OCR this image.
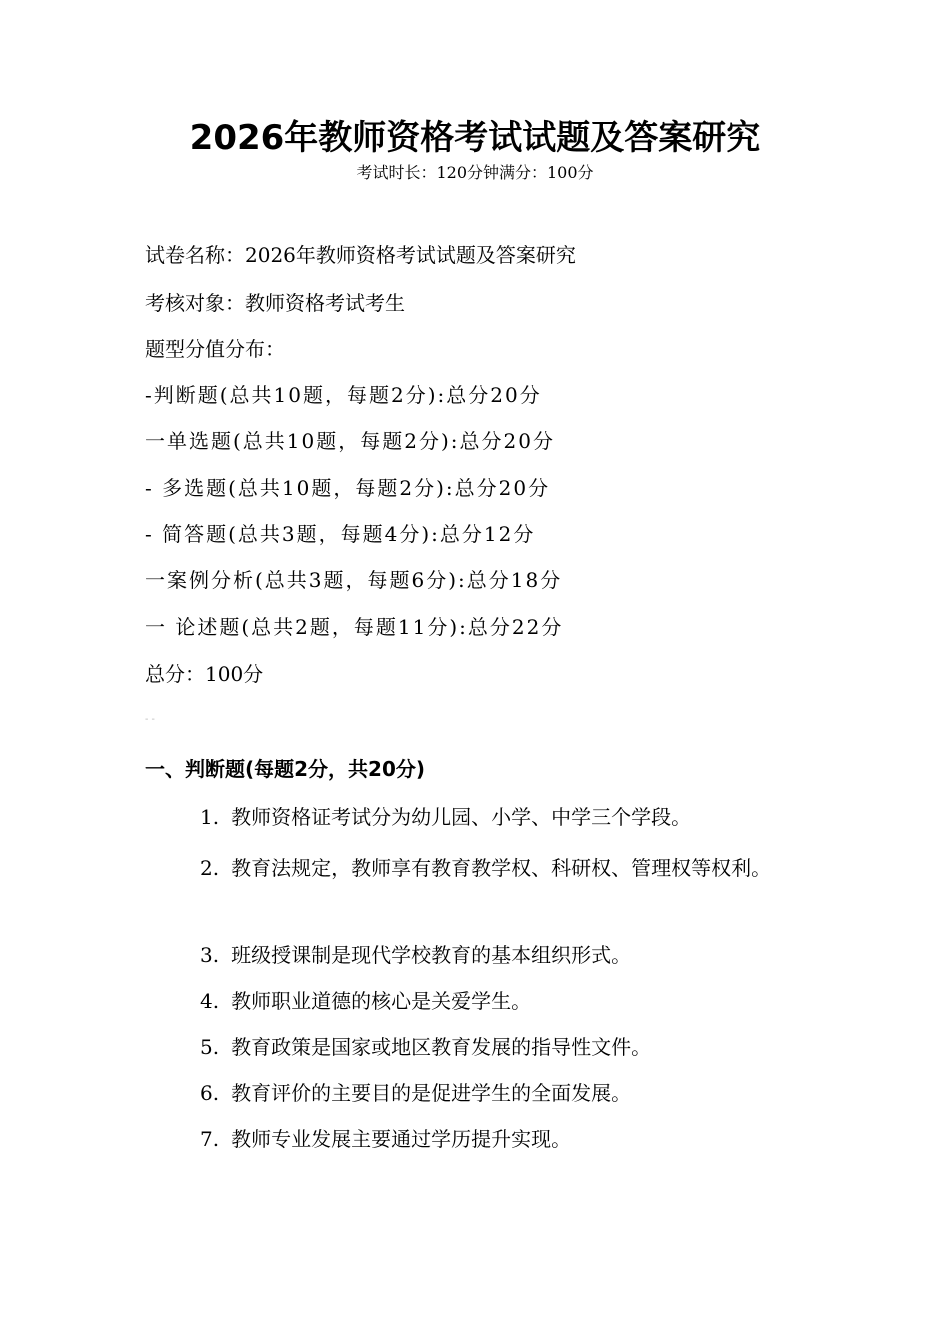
2026年教师资格考试试题及答案研究
考试时长：120分钟满分：100分
试卷名称：2026年教师资格考试试题及答案研究
考核对象：教师资格考试考生
题型分值分布：
-判断题(总共10题，每题2分):总分20分
一单选题(总共10题，每题2分):总分20分
- 多选题(总共10题，每题2分):总分20分
- 简答题(总共3题，每题4分):总分12分
一案例分析(总共3题，每题6分):总分18分
一 论述题(总共2题，每题11分):总分22分
总分：100分
- -
一、判断题(每题2分，共20分)

1. 教师资格证考试分为幼儿园、小学、中学三个学段。

2. 教育法规定，教师享有教育教学权、科研权、管理权等权利。

3. 班级授课制是现代学校教育的基本组织形式。

4. 教师职业道德的核心是关爱学生。

5. 教育政策是国家或地区教育发展的指导性文件。

6. 教育评价的主要目的是促进学生的全面发展。

7. 教师专业发展主要通过学历提升实现。
